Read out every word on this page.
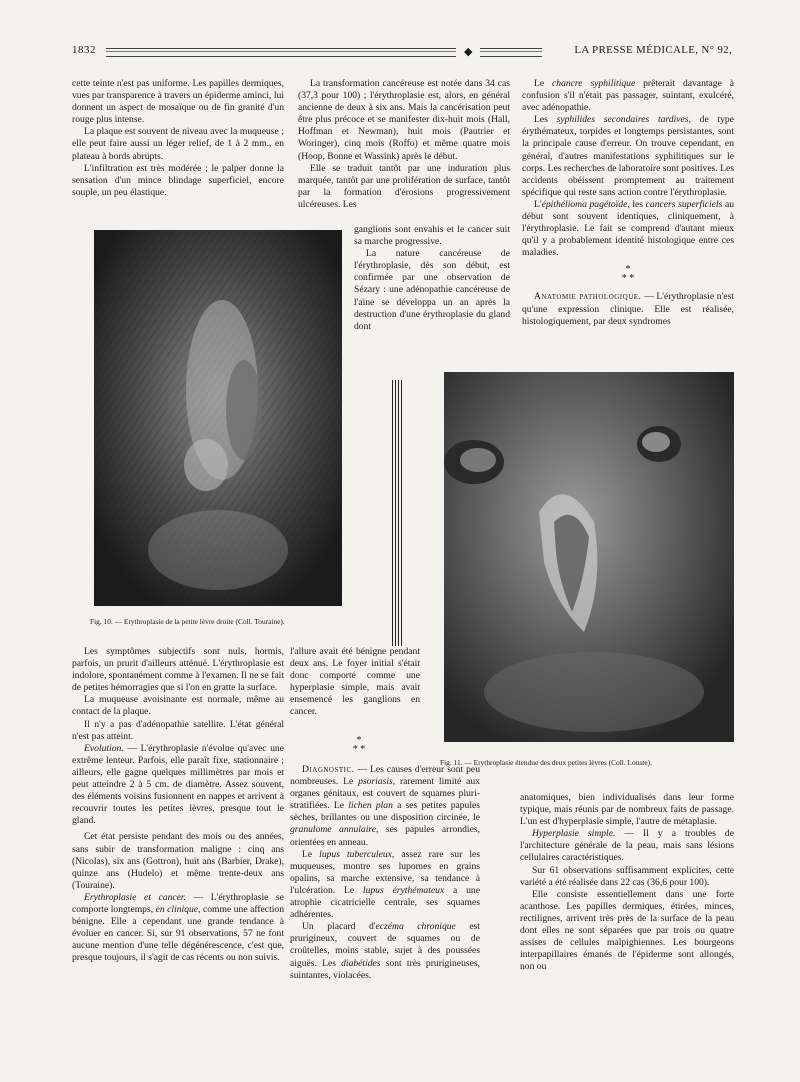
1832	◆	LA PRESSE MÉDICALE, N° 92,

cette teinte n'est pas uniforme. Les papilles dermiques, vues par transparence à travers un épiderme aminci, lui donnent un aspect de mosaïque ou de fin granité d'un rouge plus intense.

La plaque est souvent de niveau avec la muqueuse ; elle peut faire aussi un léger relief, de 1 à 2 mm., en plateau à bords abrupts.

L'infiltration est très modérée ; le palper donne la sensation d'un mince blindage superficiel, encore souple, un peu élastique.

Fig. 10. — Erythroplasie de la petite lèvre droite (Coll. Touraine).

La transformation cancéreuse est notée dans 34 cas (37,3 pour 100) ; l'érythroplasie est, alors, en général ancienne de deux à six ans. Mais la cancérisation peut être plus précoce et se manifester dix-huit mois (Hall, Hoffman et Newman), huit mois (Pautrier et Woringer), cinq mois (Roffo) et même quatre mois (Hoop, Bonne et Wassink) après le début.

Elle se traduit tantôt par une induration plus marquée, tantôt par une prolifération de surface, tantôt par la formation d'érosions progressivement ulcéreuses. Les

ganglions sont envahis et le cancer suit sa marche progressive.

La nature cancéreuse de l'érythroplasie, dès son début, est confirmée par une observation de Sézary : une adénopathie cancéreuse de l'aine se développa un an après la destruction d'une érythroplasie du gland dont

Le chancre syphilitique prêterait davantage à confusion s'il n'était pas passager, suintant, exulcéré, avec adénopathie.

Les syphilides secondaires tardives, de type érythémateux, torpides et longtemps persistantes, sont la principale cause d'erreur. On trouve cependant, en général, d'autres manifestations syphilitiques sur le corps. Les recherches de laboratoire sont positives. Les accidents obéissent promptement au traitement spécifique qui reste sans action contre l'érythroplasie.

L'épithélioma pagétoïde, les cancers superficiels au début sont souvent identiques, cliniquement, à l'érythroplasie. Le fait se comprend d'autant mieux qu'il y a probablement identité histologique entre ces maladies.

*
* *

Anatomie pathologique. — L'érythroplasie n'est qu'une expression clinique. Elle est réalisée, histologiquement, par deux syndromes

Fig. 11. — Erythroplasie étendue des deux petites lèvres (Coll. Louste).

Les symptômes subjectifs sont nuls, hormis, parfois, un prurit d'ailleurs atténué. L'érythroplasie est indolore, spontanément comme à l'examen. Il ne se fait de petites hémorragies que si l'on en gratte la surface.

La muqueuse avoisinante est normale, même au contact de la plaque.

Il n'y a pas d'adénopathie satellite. L'état général n'est pas atteint.

Evolution. — L'érythroplasie n'évolue qu'avec une extrême lenteur. Parfois, elle paraît fixe, stationnaire ; ailleurs, elle gagne quelques millimètres par mois et peut atteindre 2 à 5 cm. de diamètre. Assez souvent, des éléments voisins fusionnent en nappes et arrivent à recouvrir toutes les petites lèvres, presque tout le gland.

Cet état persiste pendant des mois ou des années, sans subir de transformation maligne : cinq ans (Nicolas), six ans (Gottron), huit ans (Barbier, Drake), quinze ans (Hudelo) et même trente-deux ans (Touraine).

Erythroplasie et cancer. — L'érythroplasie se comporte longtemps, en clinique, comme une affection bénigne. Elle a cependant une grande tendance à évoluer en cancer. Si, sur 91 observations, 57 ne font aucune mention d'une telle dégénérescence, c'est que, presque toujours, il s'agit de cas récents ou non suivis.

l'allure avait été bénigne pendant deux ans. Le foyer initial s'était donc comporté comme une hyperplasie simple, mais avait ensemencé les ganglions en cancer.

*
* *

Diagnostic. — Les causes d'erreur sont peu nombreuses. Le psoriasis, rarement limité aux organes génitaux, est couvert de squames pluri-stratifiées. Le lichen plan a ses petites papules sèches, brillantes ou une disposition circinée, le granulome annulaire, ses papules arrondies, orientées en anneau.

Le lupus tuberculeux, assez rare sur les muqueuses, montre ses lupomes en grains opalins, sa marche extensive, sa tendance à l'ulcération. Le lupus érythémateux a une atrophie cicatricielle centrale, ses squames adhérentes.

Un placard d'eczéma chronique est prurigineux, couvert de squames ou de croûtelles, moins stable, sujet à des poussées aiguës. Les diabétides sont très prurigineuses, suintantes, violacées.

anatomiques, bien individualisés dans leur forme typique, mais réunis par de nombreux faits de passage. L'un est d'hyperplasie simple, l'autre de métaplasie.

Hyperplasie simple. — Il y a troubles de l'architecture générale de la peau, mais sans lésions cellulaires caractéristiques.

Sur 61 observations suffisamment explicites, cette variété a été réalisée dans 22 cas (36,6 pour 100).

Elle consiste essentiellement dans une forte acanthose. Les papilles dermiques, étirées, minces, rectilignes, arrivent très près de la surface de la peau dont elles ne sont séparées que par trois ou quatre assises de cellules malpighiennes. Les bourgeons interpapillaires émanés de l'épiderme sont allongés, non ou
